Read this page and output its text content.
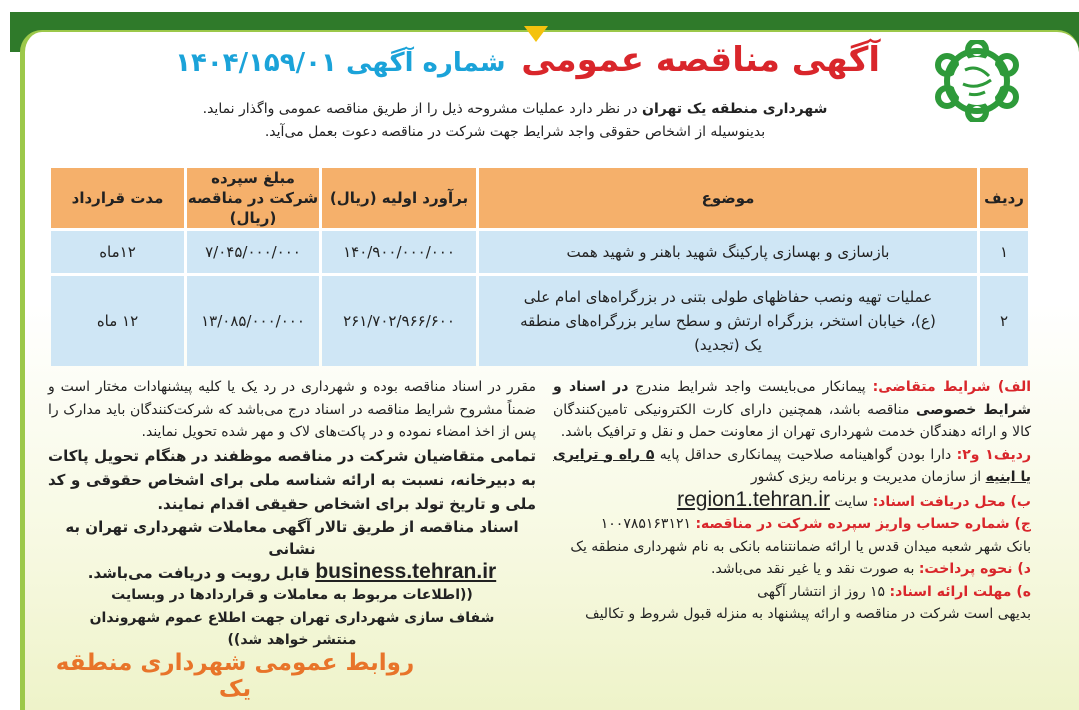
آگهی مناقصه عمومی شماره آگهی ۱۴۰۴/۱۵۹/۰۱
شهرداری منطقه یک تهران در نظر دارد عملیات مشروحه ذیل را از طریق مناقصه عمومی واگذار نماید.
بدینوسیله از اشخاص حقوقی واجد شرایط جهت شرکت در مناقصه دعوت بعمل می‌آید.
ردیف	موضوع	برآورد اولیه (ریال)	مبلغ سپرده شرکت در مناقصه (ریال)	مدت قرارداد
۱	بازسازی و بهسازی پارکینگ شهید باهنر و شهید همت	۱۴۰/۹۰۰/۰۰۰/۰۰۰	۷/۰۴۵/۰۰۰/۰۰۰	۱۲ماه
۲	عملیات تهیه ونصب حفاظهای طولی بتنی در بزرگراه‌های امام علی (ع)، خیابان استخر، بزرگراه ارتش و سطح سایر بزرگراه‌های منطقه یک (تجدید)	۲۶۱/۷۰۲/۹۶۶/۶۰۰	۱۳/۰۸۵/۰۰۰/۰۰۰	۱۲ ماه
الف) شرایط متقاضی: پیمانکار می‌بایست واجد شرایط مندرج در اسناد و شرایط خصوصی مناقصه باشد، همچنین دارای کارت الکترونیکی تامین‌کنندگان کالا و ارائه دهندگان خدمت شهرداری تهران از معاونت حمل و نقل و ترافیک باشد.
ردیف۱ و۲: دارا بودن گواهینامه صلاحیت پیمانکاری حداقل پایه ۵ راه و ترابری یا ابنیه از سازمان مدیریت و برنامه ریزی کشور
ب) محل دریافت اسناد: سایت region1.tehran.ir
ج) شماره حساب واریز سپرده شرکت در مناقصه: ۱۰۰۷۸۵۱۶۳۱۲۱
بانک شهر شعبه میدان قدس یا ارائه ضمانتنامه بانکی به نام شهرداری منطقه یک
د) نحوه پرداخت: به صورت نقد و یا غیر نقد می‌باشد.
ه) مهلت ارائه اسناد: ۱۵ روز از انتشار آگهی
بدیهی است شرکت در مناقصه و ارائه پیشنهاد به منزله قبول شروط و تکالیف
مقرر در اسناد مناقصه بوده و شهرداری در رد یک یا کلیه پیشنهادات مختار است و ضمناً مشروح شرایط مناقصه در اسناد درج می‌باشد که شرکت‌کنندگان باید مدارک را پس از اخذ امضاء نموده و در پاکت‌های لاک و مهر شده تحویل نمایند.
تمامی متقاضیان شرکت در مناقصه موظفند در هنگام تحویل پاکات به دبیرخانه، نسبت به ارائه شناسه ملی برای اشخاص حقوقی و کد ملی و تاریخ تولد برای اشخاص حقیقی اقدام نمایند.
اسناد مناقصه از طریق تالار آگهی معاملات شهرداری تهران به نشانی
business.tehran.ir قابل رویت و دریافت می‌باشد.
((اطلاعات مربوط به معاملات و قراردادها در وبسایت شفاف سازی شهرداری تهران جهت اطلاع عموم شهروندان منتشر خواهد شد))
روابط عمومی شهرداری منطقه یک
